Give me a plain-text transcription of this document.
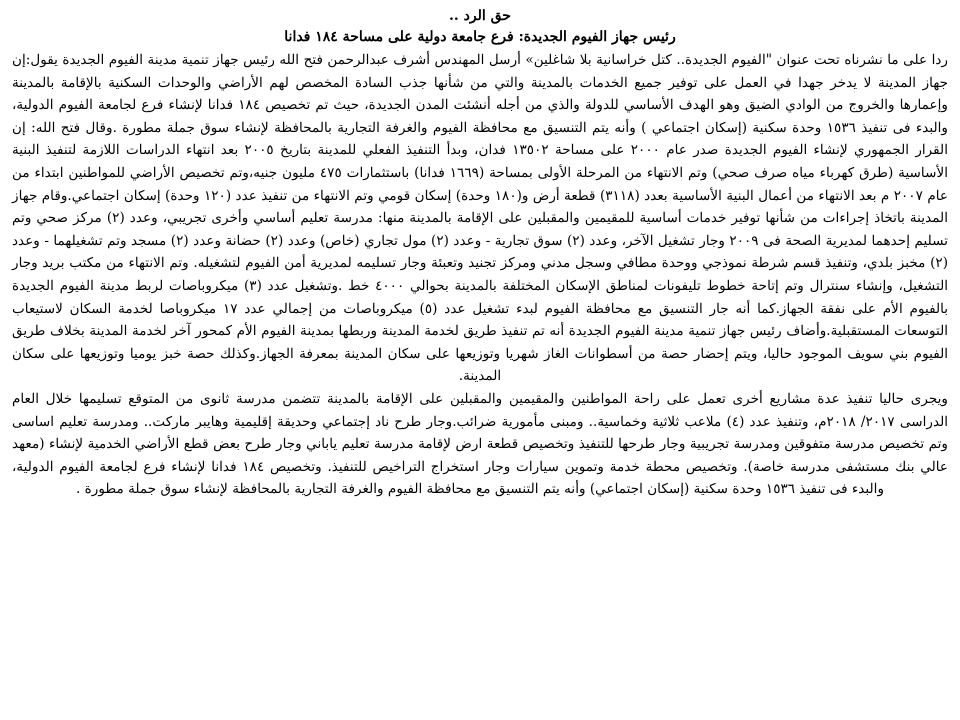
حق الرد ..
رئيس جهاز الفيوم الجديدة: فرع جامعة دولية على مساحة ١٨٤ فدانا

ردا على ما نشرناه تحت عنوان "الفيوم الجديدة.. كتل خراسانية بلا شاغلين» أرسل المهندس أشرف عبدالرحمن فتح الله رئيس جهاز تنمية مدينة الفيوم الجديدة يقول:إن جهاز المدينة لا يدخر جهدا في العمل على توفير جميع الخدمات بالمدينة والتي من شأنها جذب السادة المخصص لهم الأراضي والوحدات السكنية بالإقامة بالمدينة وإعمارها والخروج من الوادي الضيق وهو الهدف الأساسي للدولة والذي من أجله أنشئت المدن الجديدة، حيث تم تخصيص ١٨٤ فدانا لإنشاء فرع لجامعة الفيوم الدولية، والبدء فى تنفيذ ١٥٣٦ وحدة سكنية (إسكان اجتماعي ) وأنه يتم التنسيق مع محافظة الفيوم والغرفة التجارية بالمحافظة لإنشاء سوق جملة مطورة .وقال فتح الله: إن القرار الجمهوري لإنشاء الفيوم الجديدة صدر عام ٢٠٠٠ على مساحة ١٣٥٠٢ فدان، وبدأ التنفيذ الفعلي للمدينة بتاريخ ٢٠٠٥ بعد انتهاء الدراسات اللازمة لتنفيذ البنية الأساسية (طرق كهرباء مياه صرف صحي) وتم الانتهاء من المرحلة الأولى بمساحة (١٦٦٩ فدانا) باستثمارات ٤٧٥ مليون جنيه،وتم تخصيص الأراضي للمواطنين ابتداء من عام ٢٠٠٧ م بعد الانتهاء من أعمال البنية الأساسية بعدد (٣١١٨) قطعة أرض و(١٨٠ وحدة) إسكان قومي وتم الانتهاء من تنفيذ عدد (١٢٠ وحدة) إسكان اجتماعي.وقام جهاز المدينة باتخاذ إجراءات من شأنها توفير خدمات أساسية للمقيمين والمقبلين على الإقامة بالمدينة منها: مدرسة تعليم أساسي وأخرى تجريبي، وعدد (٢) مركز صحي وتم تسليم إحدهما لمديرية الصحة فى ٢٠٠٩ وجار تشغيل الآخر، وعدد (٢) سوق تجارية - وعدد (٢) مول تجاري (خاص) وعدد (٢) حضانة وعدد (٢) مسجد وتم تشغيلهما - وعدد (٢) مخبز بلدي، وتنفيذ قسم شرطة نموذجي ووحدة مطافي وسجل مدني ومركز تجنيد وتعبئة وجار تسليمه لمديرية أمن الفيوم لتشغيله. وتم الانتهاء من مكتب بريد وجار التشغيل، وإنشاء سنترال وتم إتاحة خطوط تليفونات لمناطق الإسكان المختلفة بالمدينة بحوالي ٤٠٠٠ خط .وتشغيل عدد (٣) ميكروباصات لربط مدينة الفيوم الجديدة بالفيوم الأم على نفقة الجهاز.كما أنه جار التنسيق مع محافظة الفيوم لبدء تشغيل عدد (٥) ميكروباصات من إجمالي عدد ١٧ ميكروباصا لخدمة السكان لاستيعاب التوسعات المستقبلية.وأضاف رئيس جهاز تنمية مدينة الفيوم الجديدة أنه تم تنفيذ طريق لخدمة المدينة وربطها بمدينة الفيوم الأم كمحور آخر لخدمة المدينة بخلاف طريق الفيوم بني سويف الموجود حاليا، ويتم إحضار حصة من أسطوانات الغاز شهريا وتوزيعها على سكان المدينة بمعرفة الجهاز.وكذلك حصة خبز يوميا وتوزيعها على سكان المدينة.

ويجرى حاليا تنفيذ عدة مشاريع أخرى تعمل على راحة المواطنين والمقيمين والمقبلين على الإقامة بالمدينة تتضمن مدرسة ثانوى من المتوقع تسليمها خلال العام الدراسى ٢٠١٧/ ٢٠١٨م، وتنفيذ عدد (٤) ملاعب ثلاثية وخماسية.. ومبنى مأمورية ضرائب.وجار طرح ناد إجتماعي وحديقة إقليمية وهايبر ماركت.. ومدرسة تعليم اساسى وتم تخصيص مدرسة متفوقين ومدرسة تجريبية وجار طرحها للتنفيذ وتخصيص قطعة ارض لإقامة مدرسة تعليم ياباني وجار طرح بعض قطع الأراضي الخدمية لإنشاء (معهد عالي بنك مستشفى مدرسة خاصة). وتخصيص محطة خدمة وتموين سيارات وجار استخراج التراخيص للتنفيذ. وتخصيص ١٨٤ فدانا لإنشاء فرع لجامعة الفيوم الدولية، والبدء فى تنفيذ ١٥٣٦ وحدة سكنية (إسكان اجتماعي) وأنه يتم التنسيق مع محافظة الفيوم والغرفة التجارية بالمحافظة لإنشاء سوق جملة مطورة .
